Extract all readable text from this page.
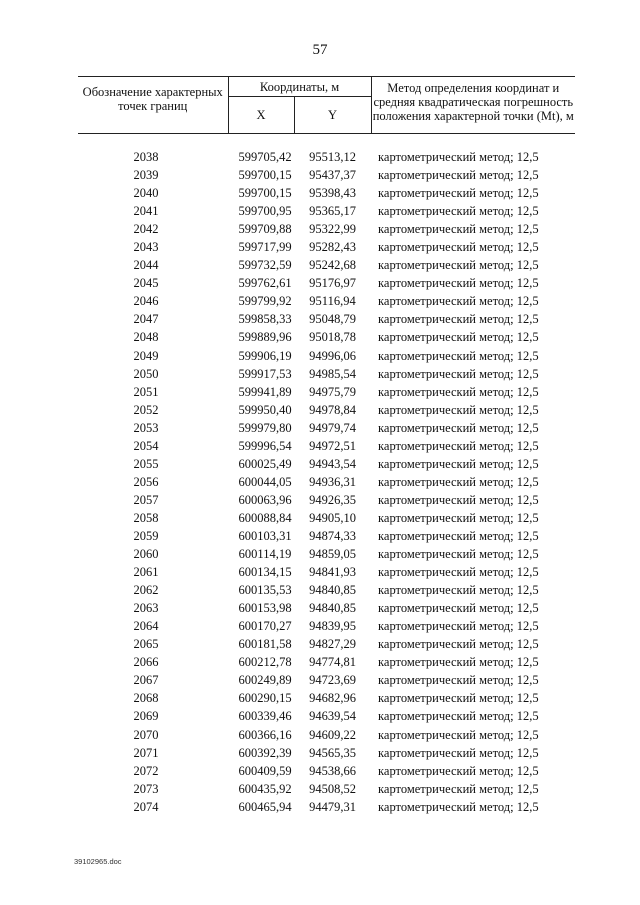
57
Обозначение характерных точек границ	Координаты, м		Метод определения координат и средняя квадратическая погрешность положения характерной точки (Mt), м
	X	Y	

2038	599705,42	95513,12	картометрический метод; 12,5
2039	599700,15	95437,37	картометрический метод; 12,5
2040	599700,15	95398,43	картометрический метод; 12,5
2041	599700,95	95365,17	картометрический метод; 12,5
2042	599709,88	95322,99	картометрический метод; 12,5
2043	599717,99	95282,43	картометрический метод; 12,5
2044	599732,59	95242,68	картометрический метод; 12,5
2045	599762,61	95176,97	картометрический метод; 12,5
2046	599799,92	95116,94	картометрический метод; 12,5
2047	599858,33	95048,79	картометрический метод; 12,5
2048	599889,96	95018,78	картометрический метод; 12,5
2049	599906,19	94996,06	картометрический метод; 12,5
2050	599917,53	94985,54	картометрический метод; 12,5
2051	599941,89	94975,79	картометрический метод; 12,5
2052	599950,40	94978,84	картометрический метод; 12,5
2053	599979,80	94979,74	картометрический метод; 12,5
2054	599996,54	94972,51	картометрический метод; 12,5
2055	600025,49	94943,54	картометрический метод; 12,5
2056	600044,05	94936,31	картометрический метод; 12,5
2057	600063,96	94926,35	картометрический метод; 12,5
2058	600088,84	94905,10	картометрический метод; 12,5
2059	600103,31	94874,33	картометрический метод; 12,5
2060	600114,19	94859,05	картометрический метод; 12,5
2061	600134,15	94841,93	картометрический метод; 12,5
2062	600135,53	94840,85	картометрический метод; 12,5
2063	600153,98	94840,85	картометрический метод; 12,5
2064	600170,27	94839,95	картометрический метод; 12,5
2065	600181,58	94827,29	картометрический метод; 12,5
2066	600212,78	94774,81	картометрический метод; 12,5
2067	600249,89	94723,69	картометрический метод; 12,5
2068	600290,15	94682,96	картометрический метод; 12,5
2069	600339,46	94639,54	картометрический метод; 12,5
2070	600366,16	94609,22	картометрический метод; 12,5
2071	600392,39	94565,35	картометрический метод; 12,5
2072	600409,59	94538,66	картометрический метод; 12,5
2073	600435,92	94508,52	картометрический метод; 12,5
2074	600465,94	94479,31	картометрический метод; 12,5
39102965.doc
